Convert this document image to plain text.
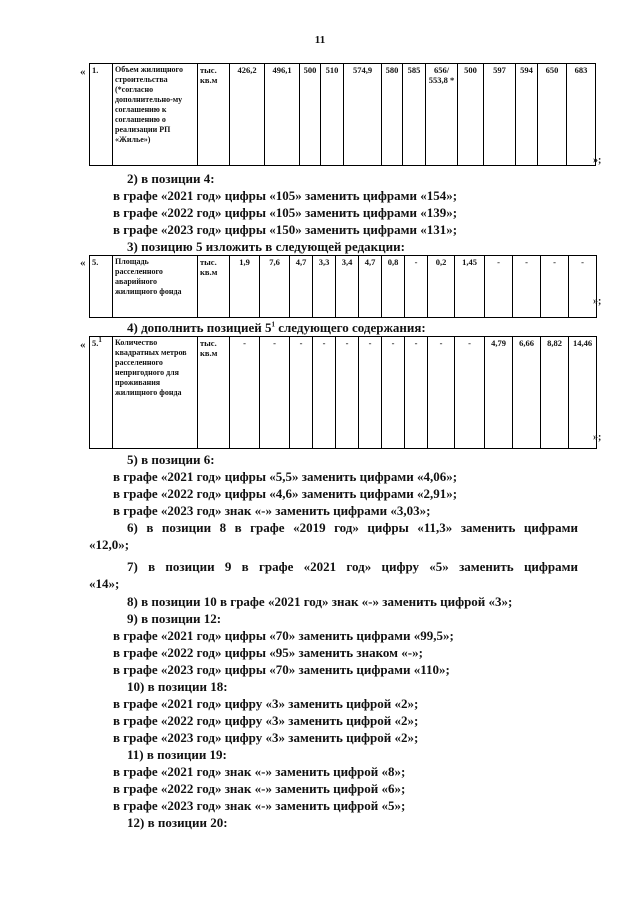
11
« 1.	Объем жилищного строительства (*согласно дополнительно-му соглашению к соглашению о реализации РП «Жилье»)	тыс. кв.м	426,2	496,1	500	510	574,9	580	585	656/ 553,8 *	500	597	594	650	683
»;
2) в позиции 4:
в графе «2021 год» цифры «105» заменить цифрами «154»;
в графе «2022 год» цифры «105» заменить цифрами «139»;
в графе «2023 год» цифры «150» заменить цифрами «131»;
3) позицию 5 изложить в следующей редакции:
« 5.	Площадь расселенного аварийного жилищного фонда	тыс. кв.м	1,9	7,6	4,7	3,3	3,4	4,7	0,8	-	0,2	1,45	-	-	-	-
»;
4) дополнить позицией $5^1$ следующего содержания:
« 5.$^1$	Количество квадратных метров расселенного непригодного для проживания жилищного фонда	тыс. кв.м	-	-	-	-	-	-	-	-	-	-	4,79	6,66	8,82	14,46
»;
5) в позиции 6:
в графе «2021 год» цифры «5,5» заменить цифрами «4,06»;
в графе «2022 год» цифры «4,6» заменить цифрами «2,91»;
в графе «2023 год» знак «-» заменить цифрами «3,03»;
6) в позиции 8 в графе «2019 год» цифры «11,3» заменить цифрами
«12,0»;
7) в позиции 9 в графе «2021 год» цифру «5» заменить цифрами
«14»;
8) в позиции 10 в графе «2021 год» знак «-» заменить цифрой «3»;
9) в позиции 12:
в графе «2021 год» цифры «70» заменить цифрами «99,5»;
в графе «2022 год» цифры «95» заменить знаком «-»;
в графе «2023 год» цифры «70» заменить цифрами «110»;
10) в позиции 18:
в графе «2021 год» цифру «3» заменить цифрой «2»;
в графе «2022 год» цифру «3» заменить цифрой «2»;
в графе «2023 год» цифру «3» заменить цифрой «2»;
11) в позиции 19:
в графе «2021 год» знак «-» заменить цифрой «8»;
в графе «2022 год» знак «-» заменить цифрой «6»;
в графе «2023 год» знак «-» заменить цифрой «5»;
12) в позиции 20:
